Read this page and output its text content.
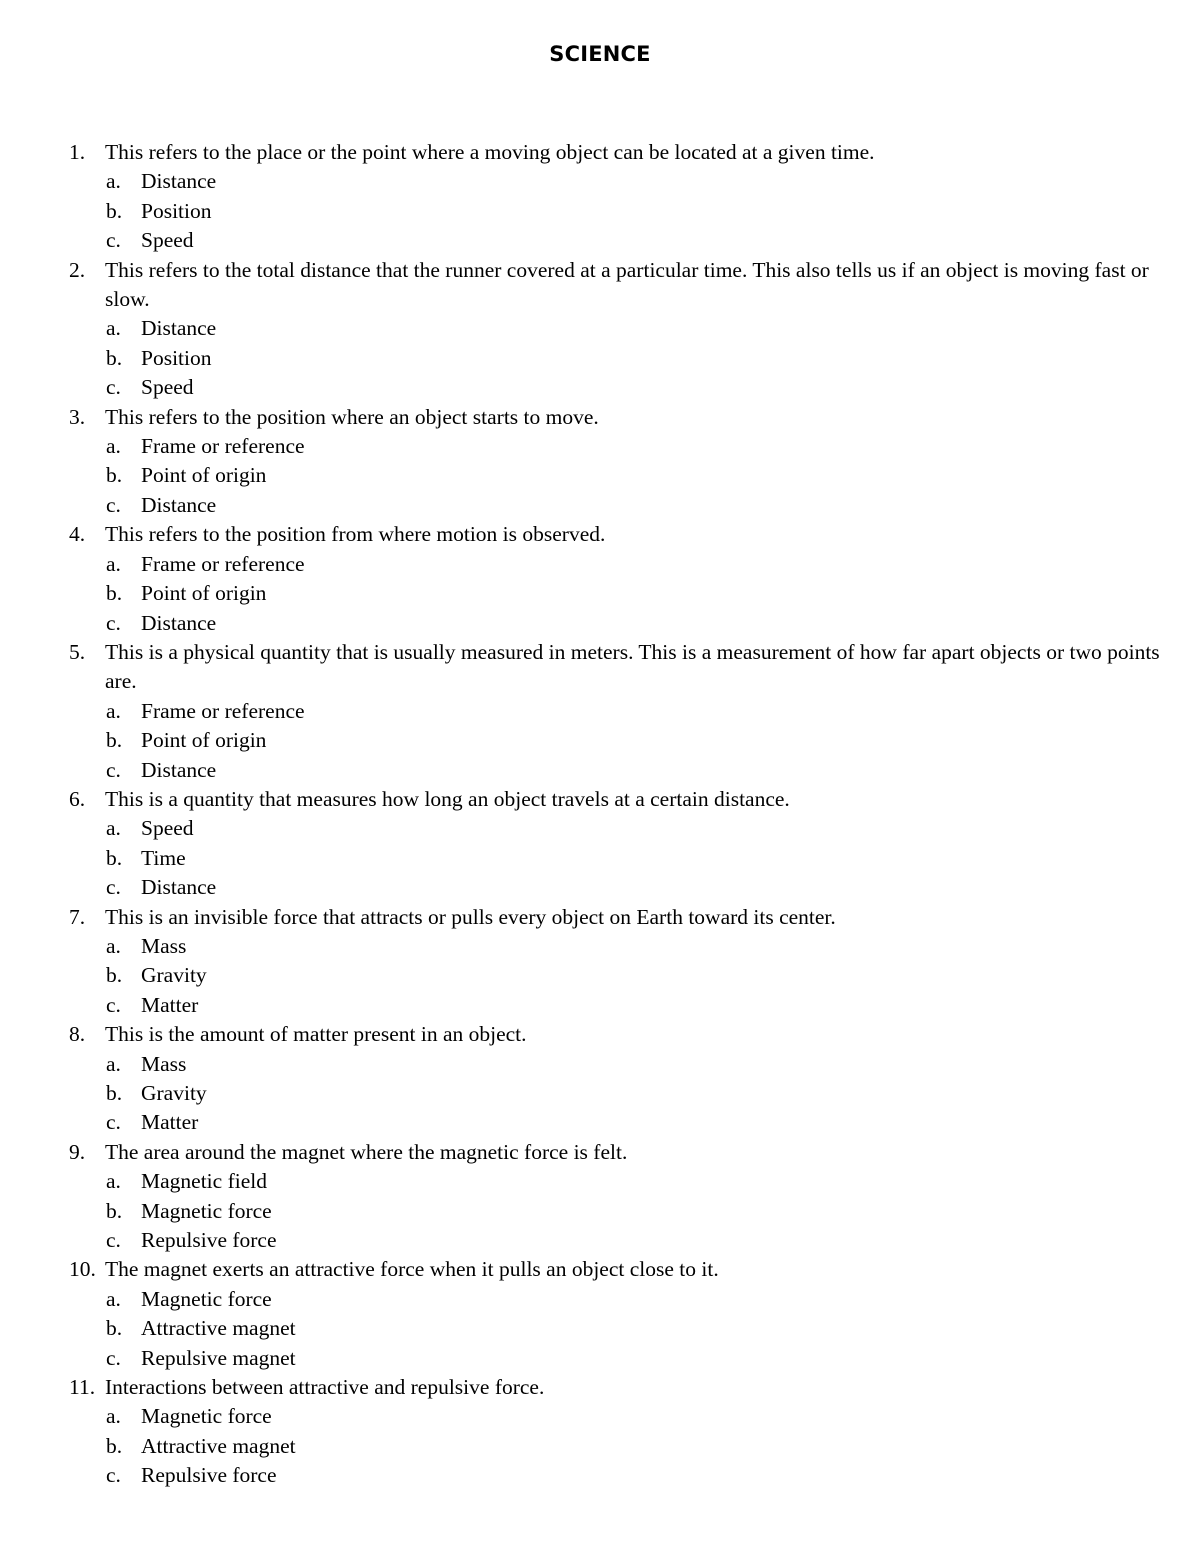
SCIENCE
1. This refers to the place or the point where a moving object can be located at a given time.
a. Distance
b. Position
c. Speed
2. This refers to the total distance that the runner covered at a particular time. This also tells us if an object is moving fast or slow.
a. Distance
b. Position
c. Speed
3. This refers to the position where an object starts to move.
a. Frame or reference
b. Point of origin
c. Distance
4. This refers to the position from where motion is observed.
a. Frame or reference
b. Point of origin
c. Distance
5. This is a physical quantity that is usually measured in meters. This is a measurement of how far apart objects or two points are.
a. Frame or reference
b. Point of origin
c. Distance
6. This is a quantity that measures how long an object travels at a certain distance.
a. Speed
b. Time
c. Distance
7. This is an invisible force that attracts or pulls every object on Earth toward its center.
a. Mass
b. Gravity
c. Matter
8. This is the amount of matter present in an object.
a. Mass
b. Gravity
c. Matter
9. The area around the magnet where the magnetic force is felt.
a. Magnetic field
b. Magnetic force
c. Repulsive force
10. The magnet exerts an attractive force when it pulls an object close to it.
a. Magnetic force
b. Attractive magnet
c. Repulsive magnet
11. Interactions between attractive and repulsive force.
a. Magnetic force
b. Attractive magnet
c. Repulsive force
